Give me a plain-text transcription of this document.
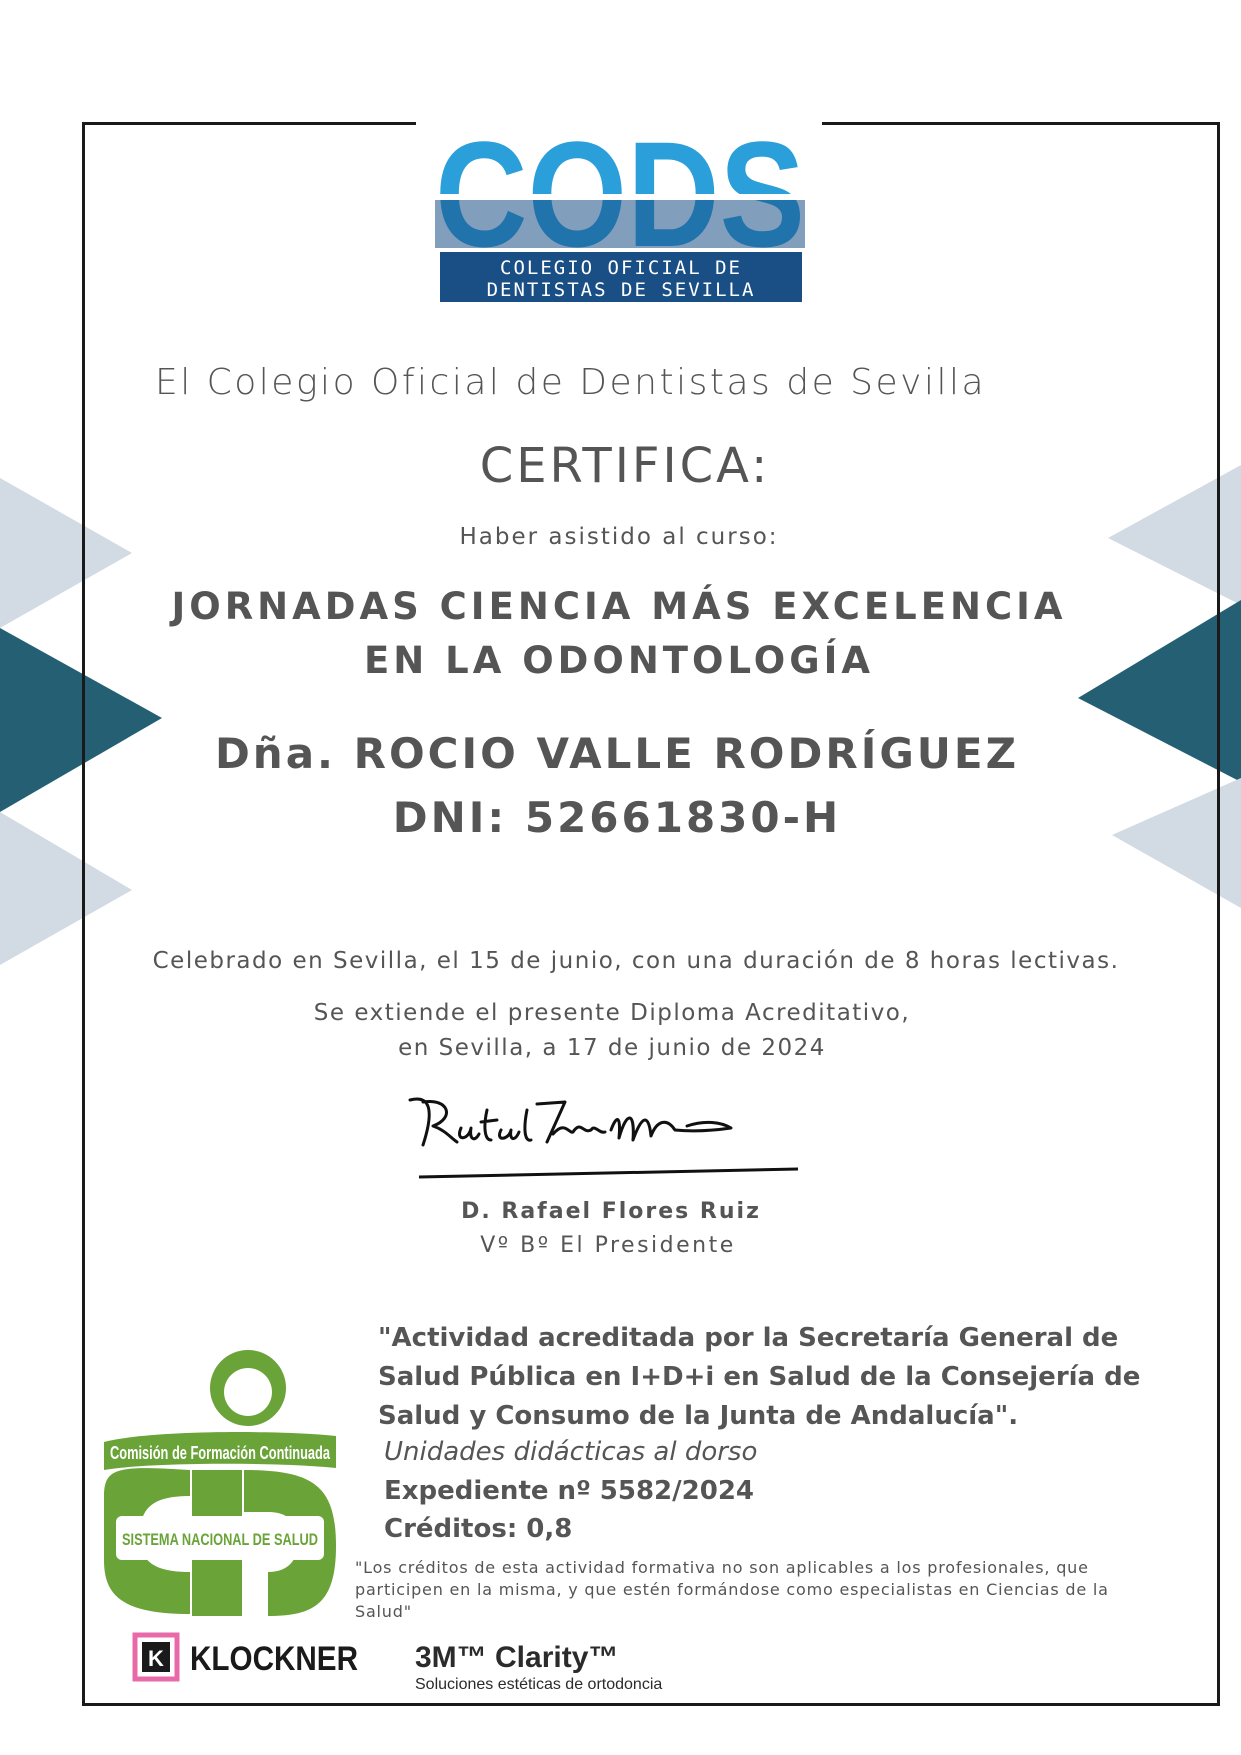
COLEGIO OFICIAL DE
DENTISTAS DE SEVILLA
El Colegio Oficial de Dentistas de Sevilla
CERTIFICA:
Haber asistido al curso:
JORNADAS CIENCIA MÁS EXCELENCIA
EN LA ODONTOLOGÍA
Dña. ROCIO VALLE RODRÍGUEZ
DNI: 52661830-H
Celebrado en Sevilla, el 15 de junio, con una duración de 8 horas lectivas.
Se extiende el presente Diploma Acreditativo,
en Sevilla, a 17 de junio de 2024
D. Rafael Flores Ruiz
Vº Bº El Presidente
"Actividad acreditada por la Secretaría General de Salud Pública en I+D+i en Salud de la Consejería de Salud y Consumo de la Junta de Andalucía".
Unidades didácticas al dorso
Expediente nº 5582/2024
Créditos: 0,8
"Los créditos de esta actividad formativa no son aplicables a los profesionales, que participen en la misma, y que estén formándose como especialistas en Ciencias de la Salud"
Comisión de Formación Continuada
SISTEMA NACIONAL DE SALUD
K KLOCKNER 3M™ Clarity™
Soluciones estéticas de ortodoncia
